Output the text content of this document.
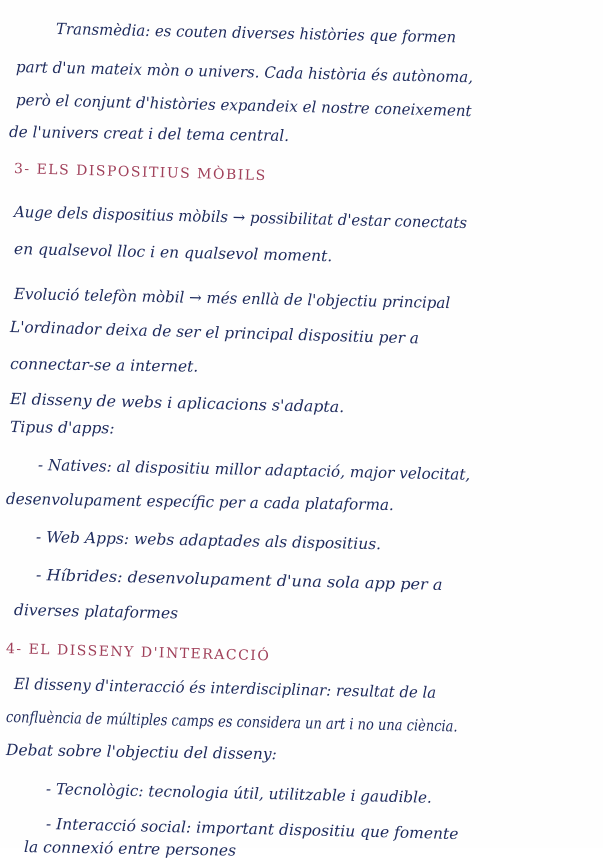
Transmèdia: es couten diverses històries que formen
part d'un mateix mòn o univers. Cada història és autònoma,
però el conjunt d'històries expandeix el nostre coneixement
de l'univers creat i del tema central.
3- ELS DISPOSITIUS MÒBILS
Auge dels dispositius mòbils → possibilitat d'estar conectats
en qualsevol lloc i en qualsevol moment.
Evolució telefòn mòbil → més enllà de l'objectiu principal
L'ordinador deixa de ser el principal dispositiu per a
connectar-se a internet.
El disseny de webs i aplicacions s'adapta.
Tipus d'apps:
- Natives: al dispositiu millor adaptació, major velocitat,
desenvolupament específic per a cada plataforma.
- Web Apps: webs adaptades als dispositius.
- Híbrides: desenvolupament d'una sola app per a
diverses plataformes
4- EL DISSENY D'INTERACCIÓ
El disseny d'interacció és interdisciplinar: resultat de la
confluència de múltiples camps es considera un art i no una ciència.
Debat sobre l'objectiu del disseny:
- Tecnològic: tecnologia útil, utilitzable i gaudible.
- Interacció social: important dispositiu que fomente
la connexió entre persones
